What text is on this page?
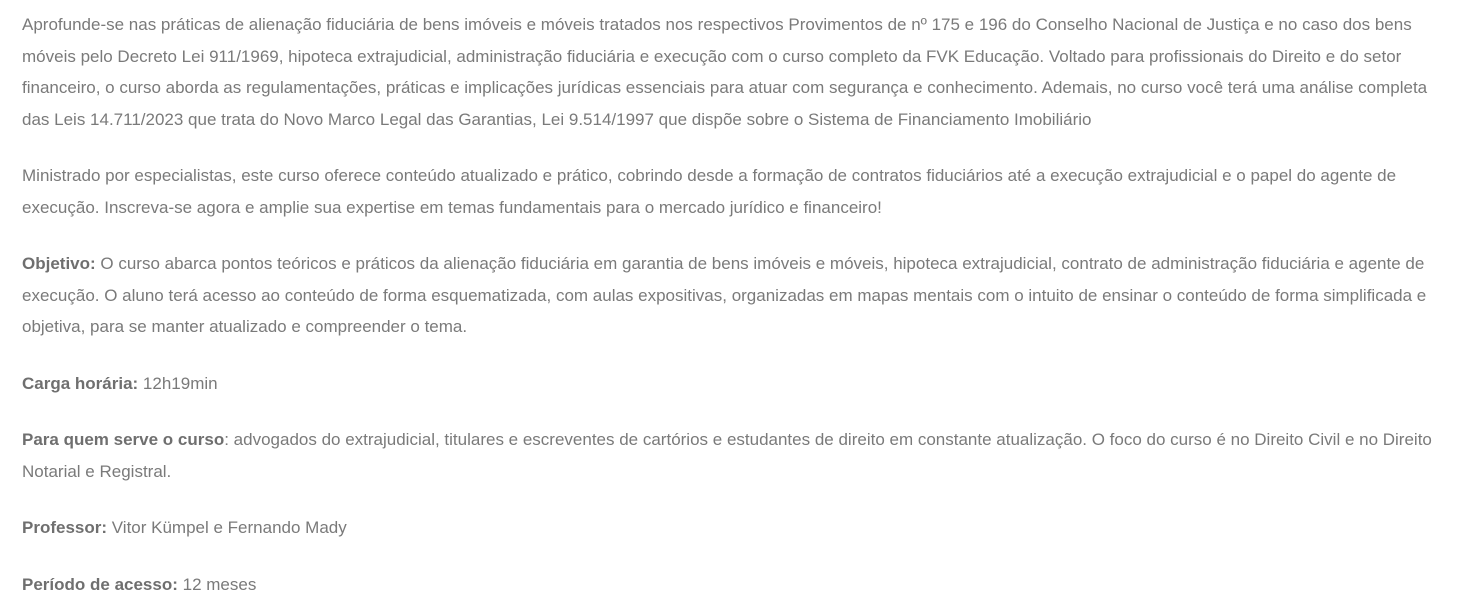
Aprofunde-se nas práticas de alienação fiduciária de bens imóveis e móveis tratados nos respectivos Provimentos de nº 175 e 196 do Conselho Nacional de Justiça e no caso dos bens móveis pelo Decreto Lei 911/1969, hipoteca extrajudicial, administração fiduciária e execução com o curso completo da FVK Educação. Voltado para profissionais do Direito e do setor financeiro, o curso aborda as regulamentações, práticas e implicações jurídicas essenciais para atuar com segurança e conhecimento. Ademais, no curso você terá uma análise completa das Leis 14.711/2023 que trata do Novo Marco Legal das Garantias, Lei 9.514/1997 que dispõe sobre o Sistema de Financiamento Imobiliário

Ministrado por especialistas, este curso oferece conteúdo atualizado e prático, cobrindo desde a formação de contratos fiduciários até a execução extrajudicial e o papel do agente de execução. Inscreva-se agora e amplie sua expertise em temas fundamentais para o mercado jurídico e financeiro!

Objetivo: O curso abarca pontos teóricos e práticos da alienação fiduciária em garantia de bens imóveis e móveis, hipoteca extrajudicial, contrato de administração fiduciária e agente de execução. O aluno terá acesso ao conteúdo de forma esquematizada, com aulas expositivas, organizadas em mapas mentais com o intuito de ensinar o conteúdo de forma simplificada e objetiva, para se manter atualizado e compreender o tema.

Carga horária: 12h19min

Para quem serve o curso: advogados do extrajudicial, titulares e escreventes de cartórios e estudantes de direito em constante atualização. O foco do curso é no Direito Civil e no Direito Notarial e Registral.

Professor: Vitor Kümpel e Fernando Mady

Período de acesso: 12 meses
